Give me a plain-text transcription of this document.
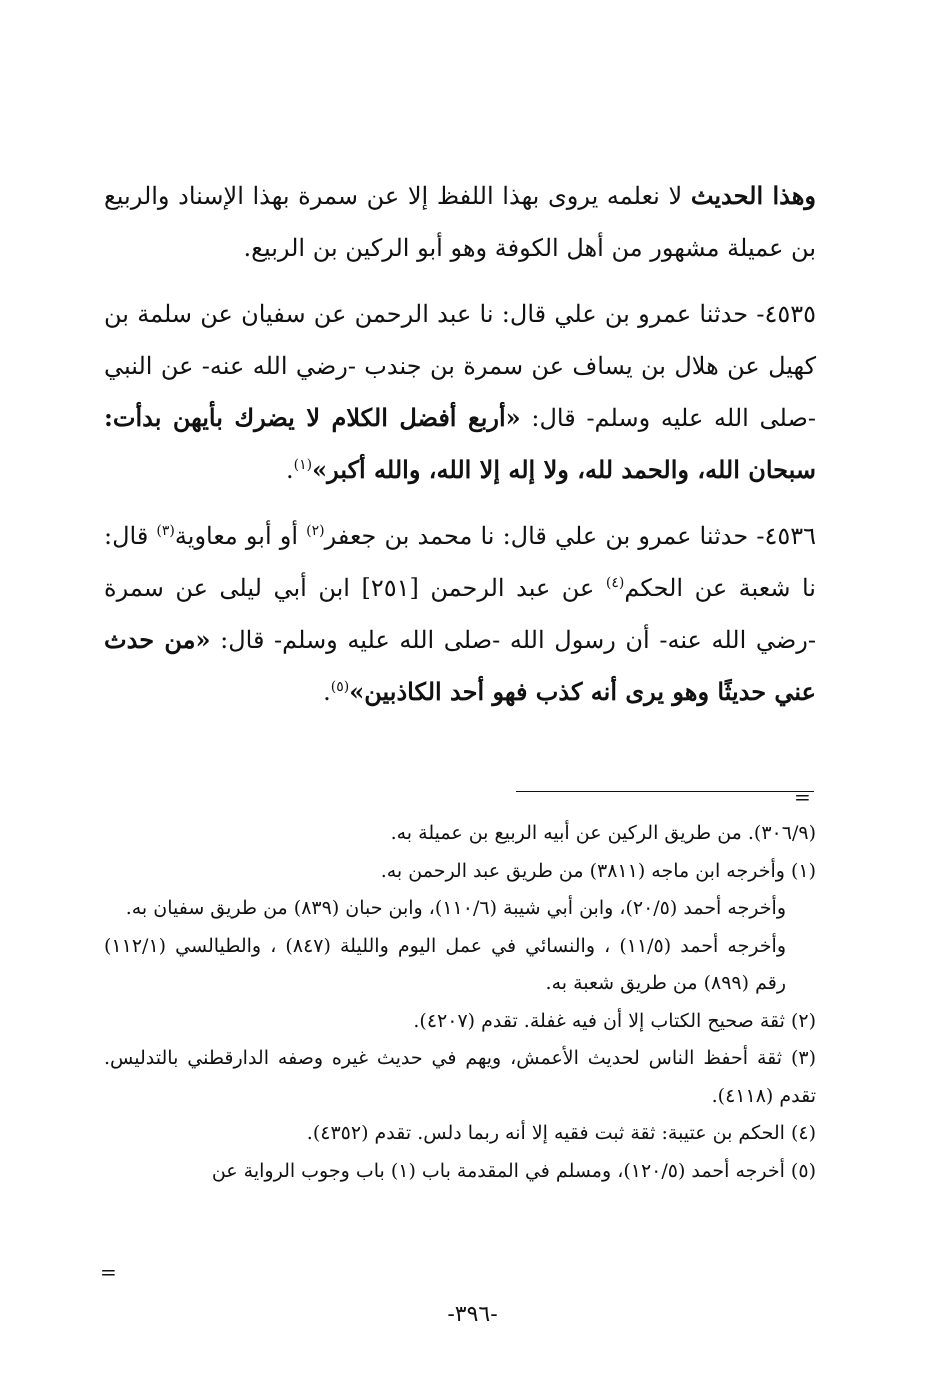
وهذا الحديث لا نعلمه يروى بهذا اللفظ إلا عن سمرة بهذا الإسناد والربيع بن عميلة مشهور من أهل الكوفة وهو أبو الركين بن الربيع.

٤٥٣٥- حدثنا عمرو بن علي قال: نا عبد الرحمن عن سفيان عن سلمة بن كهيل عن هلال بن يساف عن سمرة بن جندب -رضي الله عنه- عن النبي -صلى الله عليه وسلم- قال: «أربع أفضل الكلام لا يضرك بأيهن بدأت: سبحان الله، والحمد لله، ولا إله إلا الله، والله أكبر»$^{(١)}$.

٤٥٣٦- حدثنا عمرو بن علي قال: نا محمد بن جعفر$^{(٢)}$ أو أبو معاوية$^{(٣)}$ قال: نا شعبة عن الحكم$^{(٤)}$ عن عبد الرحمن [٢٥١] ابن أبي ليلى عن سمرة -رضي الله عنه- أن رسول الله -صلى الله عليه وسلم- قال: «من حدث عني حديثًا وهو يرى أنه كذب فهو أحد الكاذبين»$^{(٥)}$.

=

(٣٠٦/٩). من طريق الركين عن أبيه الربيع بن عميلة به.

(١) وأخرجه ابن ماجه (٣٨١١) من طريق عبد الرحمن به.

وأخرجه أحمد (٢٠/٥)، وابن أبي شيبة (١١٠/٦)، وابن حبان (٨٣٩) من طريق سفيان به.

وأخرجه أحمد (١١/٥) ، والنسائي في عمل اليوم والليلة (٨٤٧) ، والطيالسي (١١٢/١) رقم (٨٩٩) من طريق شعبة به.

(٢) ثقة صحيح الكتاب إلا أن فيه غفلة. تقدم (٤٢٠٧).

(٣) ثقة أحفظ الناس لحديث الأعمش، ويهم في حديث غيره وصفه الدارقطني بالتدليس. تقدم (٤١١٨).

(٤) الحكم بن عتيبة: ثقة ثبت فقيه إلا أنه ربما دلس. تقدم (٤٣٥٢).

(٥) أخرجه أحمد (١٢٠/٥)، ومسلم في المقدمة باب (١) باب وجوب الرواية عن

=
-٣٩٦-
